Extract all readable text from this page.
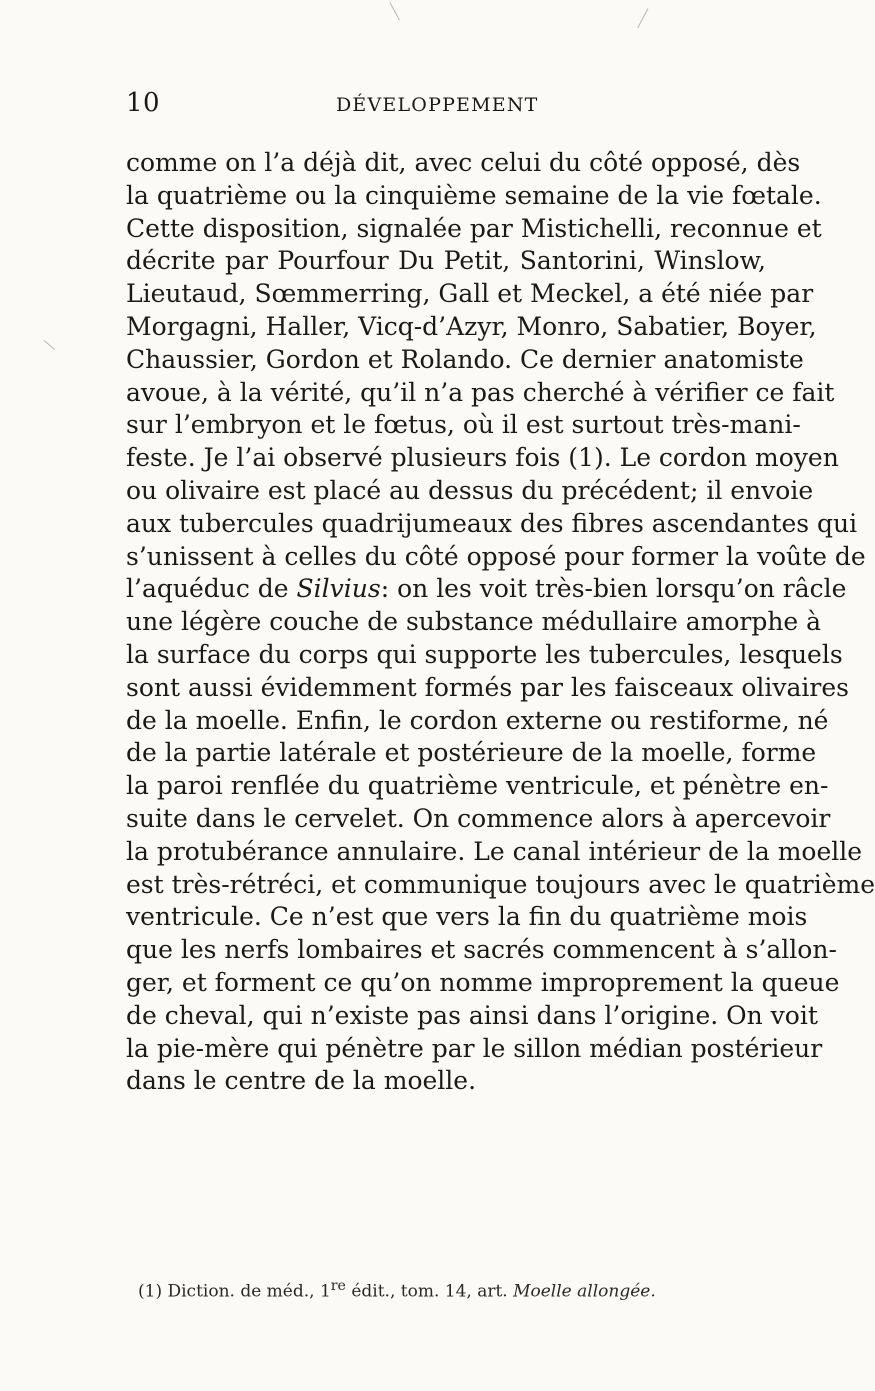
10	DÉVELOPPEMENT
comme on l’a déjà dit, avec celui du côté opposé, dès
la quatrième ou la cinquième semaine de la vie fœtale.
Cette disposition, signalée par Mistichelli, reconnue et
décrite par Pourfour Du Petit, Santorini, Winslow,
Lieutaud, Sœmmerring, Gall et Meckel, a été niée par
Morgagni, Haller, Vicq-d’Azyr, Monro, Sabatier, Boyer,
Chaussier, Gordon et Rolando. Ce dernier anatomiste
avoue, à la vérité, qu’il n’a pas cherché à vérifier ce fait
sur l’embryon et le fœtus, où il est surtout très-mani-
feste. Je l’ai observé plusieurs fois (1). Le cordon moyen
ou olivaire est placé au dessus du précédent; il envoie
aux tubercules quadrijumeaux des fibres ascendantes qui
s’unissent à celles du côté opposé pour former la voûte de
l’aquéduc de Silvius: on les voit très-bien lorsqu’on râcle
une légère couche de substance médullaire amorphe à
la surface du corps qui supporte les tubercules, lesquels
sont aussi évidemment formés par les faisceaux olivaires
de la moelle. Enfin, le cordon externe ou restiforme, né
de la partie latérale et postérieure de la moelle, forme
la paroi renflée du quatrième ventricule, et pénètre en-
suite dans le cervelet. On commence alors à apercevoir
la protubérance annulaire. Le canal intérieur de la moelle
est très-rétréci, et communique toujours avec le quatrième
ventricule. Ce n’est que vers la fin du quatrième mois
que les nerfs lombaires et sacrés commencent à s’allon-
ger, et forment ce qu’on nomme improprement la queue
de cheval, qui n’existe pas ainsi dans l’origine. On voit
la pie-mère qui pénètre par le sillon médian postérieur
dans le centre de la moelle.
(1) Diction. de méd., 1re édit., tom. 14, art. Moelle allongée.
